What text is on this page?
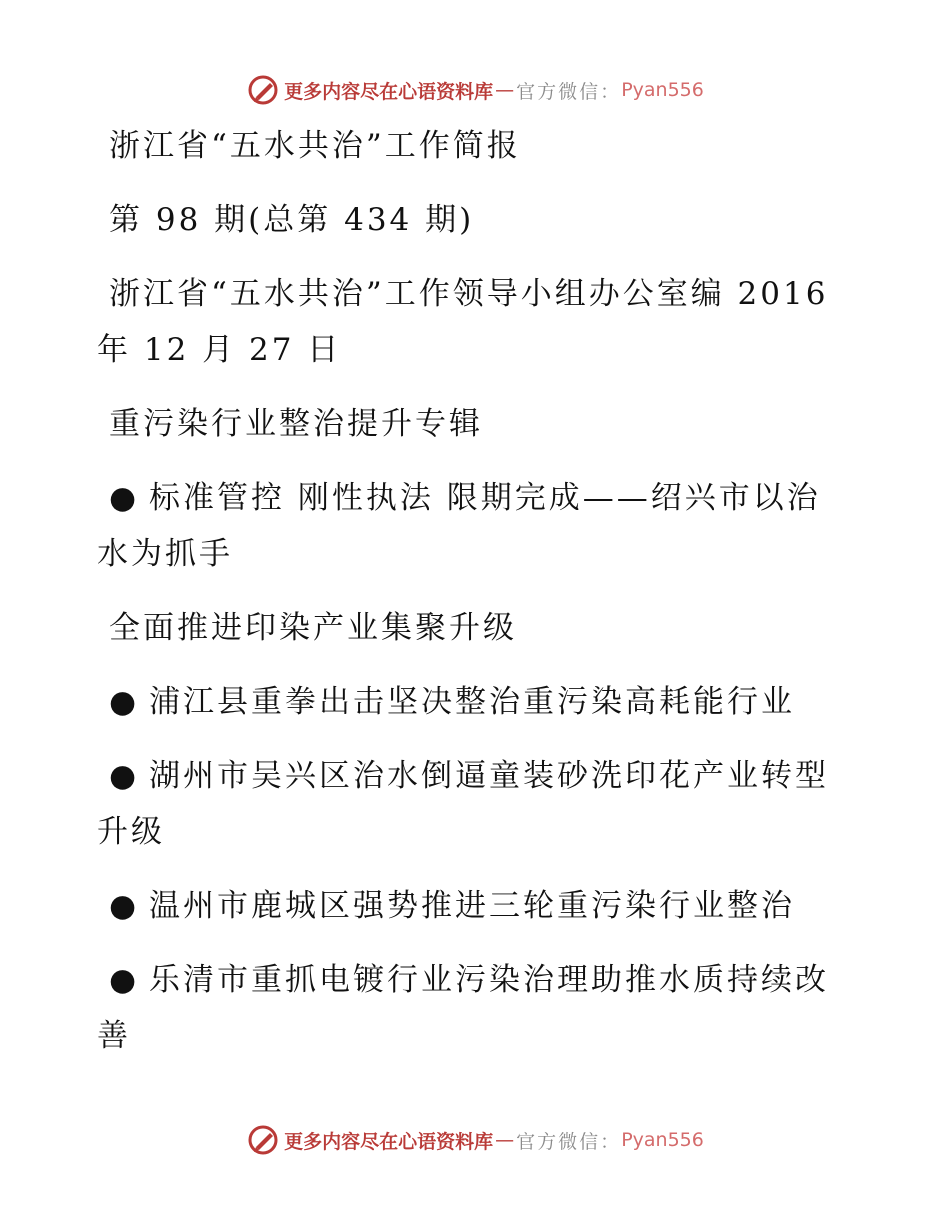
更多内容尽在心语资料库 — 官方微信： Pyan556
浙江省“五水共治”工作简报
第 98 期(总第 434 期)
浙江省“五水共治”工作领导小组办公室编 2016
年 12 月 27 日
重污染行业整治提升专辑
● 标准管控 刚性执法 限期完成——绍兴市以治
水为抓手
全面推进印染产业集聚升级
● 浦江县重拳出击坚决整治重污染高耗能行业
● 湖州市吴兴区治水倒逼童装砂洗印花产业转型
升级
● 温州市鹿城区强势推进三轮重污染行业整治
● 乐清市重抓电镀行业污染治理助推水质持续改
善
更多内容尽在心语资料库 — 官方微信： Pyan556
